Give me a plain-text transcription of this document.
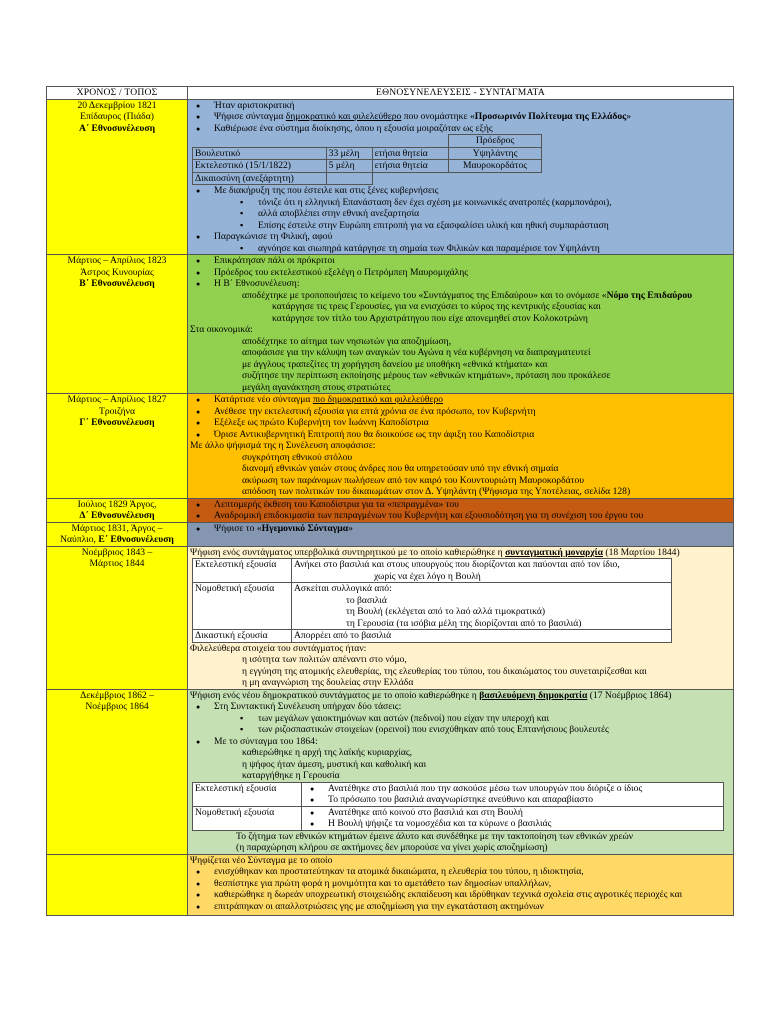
ΧΡΟΝΟΣ / ΤΟΠΟΣ	ΕΘΝΟΣΥΝΕΛΕΥΣΕΙΣ - ΣΥΝΤΑΓΜΑΤΑ

20 Δεκεμβρίου 1821
Επίδαυρος (Πιάδα)
Α΄ Εθνοσυνέλευση

● Ήταν αριστοκρατική
● Ψήφισε σύνταγμα δημοκρατικό και φιλελεύθερο που ονομάστηκε «Προσωρινόν Πολίτευμα της Ελλάδος»
● Καθιέρωσε ένα σύστημα διοίκησης, όπου η εξουσία μοιραζόταν ως εξής
	Πρόεδρος
Βουλευτικό	33 μέλη	ετήσια θητεία	Υψηλάντης
Εκτελεστικό (15/1/1822)	5 μέλη	ετήσια θητεία	Μαυροκορδάτος
Δικαιοσύνη (ανεξάρτητη)			
● Με διακήρυξη της που έστειλε και στις ξένες κυβερνήσεις
▪ τόνιζε ότι η ελληνική Επανάσταση δεν έχει σχέση με κοινωνικές ανατροπές (καρμπονάροι),
▪ αλλά αποβλέπει στην εθνική ανεξαρτησία
▪ Επίσης έστειλε στην Ευρώπη επιτροπή για να εξασφαλίσει υλική και ηθική συμπαράσταση
● Παραγκώνισε τη Φιλική, αφού
▪ αγνόησε και σιωπηρά κατάργησε τη σημαία των Φιλικών και παραμέρισε τον Υψηλάντη

Μάρτιος – Απρίλιος 1823
Άστρος Κυνουρίας
Β΄ Εθνοσυνέλευση

● Επικράτησαν πάλι οι πρόκριτοι
● Πρόεδρος του εκτελεστικού εξελέγη ο Πετρόμπεη Μαυρομιχάλης
● Η Β΄ Εθνοσυνέλευση:
αποδέχτηκε με τροποποιήσεις το κείμενο του «Συντάγματος της Επιδαύρου» και το ονόμασε «Νόμο της Επιδαύρου
κατάργησε τις τρεις Γερουσίες, για να ενισχύσει το κύρος της κεντρικής εξουσίας και
κατάργησε τον τίτλο του Αρχιστράτηγου που είχε απονεμηθεί στον Κολοκοτρώνη
Στα οικονομικά:
αποδέχτηκε το αίτημα των νησιωτών για αποζημίωση,
αποφάσισε για την κάλυψη των αναγκών του Αγώνα η νέα κυβέρνηση να διαπραγματευτεί
με άγγλους τραπεζίτες τη χορήγηση δανείου με υποθήκη «εθνικά κτήματα» και
συζήτησε την περίπτωση εκποίησης μέρους των «εθνικών κτημάτων», πρόταση που προκάλεσε
μεγάλη αγανάκτηση στους στρατιώτες

Μάρτιος – Απρίλιος 1827
Τροιζήνα
Γ΄ Εθνοσυνέλευση

● Κατάρτισε νέο σύνταγμα πιο δημοκρατικό και φιλελεύθερο
● Ανέθεσε την εκτελεστική εξουσία για επτά χρόνια σε ένα πρόσωπο, τον Κυβερνήτη
● Εξέλεξε ως πρώτο Κυβερνήτη τον Ιωάννη Καποδίστρια
● Όρισε Αντικυβερνητική Επιτροπή που θα διοικούσε ως την άφιξη του Καποδίστρια
Με άλλο ψήφισμά της η Συνέλευση αποφάσισε:
συγκρότηση εθνικού στόλου
διανομή εθνικών γαιών στους άνδρες που θα υπηρετούσαν υπό την εθνική σημαία
ακύρωση των παράνομων πωλήσεων από τον καιρό του Κουντουριώτη Μαυροκορδάτου
απόδοση των πολιτικών του δικαιωμάτων στον Δ. Υψηλάντη (Ψήφισμα της Υποτέλειας, σελίδα 128)

Ιούλιος 1829 Άργος,
Δ΄ Εθνοσυνέλευση

● Λεπτομερής έκθεση του Καποδίστρια για τα «πεπραγμένα» του
● Αναδρομική επιδοκιμασία των πεπραγμένων του Κυβερνήτη και εξουσιοδότηση για τη συνέχιση του έργου του

Μάρτιος 1831, Άργος –
Ναύπλιο, Ε΄ Εθνοσυνέλευση

● Ψήφισε το «Ηγεμονικό Σύνταγμα»

Νοέμβριος 1843 –
Μάρτιος 1844

Ψήφιση ενός συντάγματος υπερβολικά συντηρητικού με το οποίο καθιερώθηκε η συνταγματική μοναρχία (18 Μαρτίου 1844)
Εκτελεστική εξουσία	Ανήκει στο βασιλιά και στους υπουργούς που διορίζονται και παύονται από τον ίδιο,
χωρίς να έχει λόγο η Βουλή

Νομοθετική εξουσία	Ασκείται συλλογικά από:
το βασιλιά
τη Βουλή (εκλέγεται από το λαό αλλά τιμοκρατικά)
τη Γερουσία (τα ισόβια μέλη της διορίζονται από το βασιλιά)

Δικαστική εξουσία	Απορρέει από το βασιλιά
Φιλελεύθερα στοιχεία του συντάγματος ήταν:
η ισότητα των πολιτών απέναντι στο νόμο,
η εγγύηση της ατομικής ελευθερίας, της ελευθερίας του τύπου, του δικαιώματος του συνεταιρίζεσθαι και
η μη αναγνώριση της δουλείας στην Ελλάδα

Δεκέμβριος 1862 –
Νοέμβριος 1864

Ψήφιση ενός νέου δημοκρατικού συντάγματος με το οποίο καθιερώθηκε η βασιλευόμενη δημοκρατία (17 Νοέμβριος 1864)
● Στη Συντακτική Συνέλευση υπήρχαν δύο τάσεις:
▪ των μεγάλων γαιοκτημόνων και αστών (πεδινοί) που είχαν την υπεροχή και
▪ των ριζοσπαστικών στοιχείων (ορεινοί) που ενισχύθηκαν από τους Επτανήσιους βουλευτές
● Με το σύνταγμα του 1864:
καθιερώθηκε η αρχή της λαϊκής κυριαρχίας,
η ψήφος ήταν άμεση, μυστική και καθολική και
καταργήθηκε η Γερουσία
Εκτελεστική εξουσία	
●Ανατέθηκε στο βασιλιά που την ασκούσε μέσω των υπουργών που διόριζε ο ίδιος
● Το πρόσωπο του βασιλιά αναγνωρίστηκε ανεύθυνο και απαραβίαστο

Νομοθετική εξουσία	
●Ανατέθηκε από κοινού στο βασιλιά και στη Βουλή
● Η Βουλή ψήφιζε τα νομοσχέδια και τα κύρωνε ο βασιλιάς
Το ζήτημα των εθνικών κτημάτων έμεινε άλυτο και συνδέθηκε με την τακτοποίηση των εθνικών χρεών
(η παραχώρηση κλήρου σε ακτήμονες δεν μπορούσε να γίνει χωρίς αποζημίωση)

Ψηφίζεται νέο Σύνταγμα με το οποίο
● ενισχύθηκαν και προστατεύτηκαν τα ατομικά δικαιώματα, η ελευθερία του τύπου, η ιδιοκτησία,
● θεσπίστηκε για πρώτη φορά η μονιμότητα και το αμετάθετο των δημοσίων υπαλλήλων,
● καθιερώθηκε η δωρεάν υποχρεωτική στοιχειώδης εκπαίδευση και ιδρύθηκαν τεχνικά σχολεία στις αγροτικές περιοχές και
● επιτράπηκαν οι απαλλοτριώσεις γης με αποζημίωση για την εγκατάσταση ακτημόνων
